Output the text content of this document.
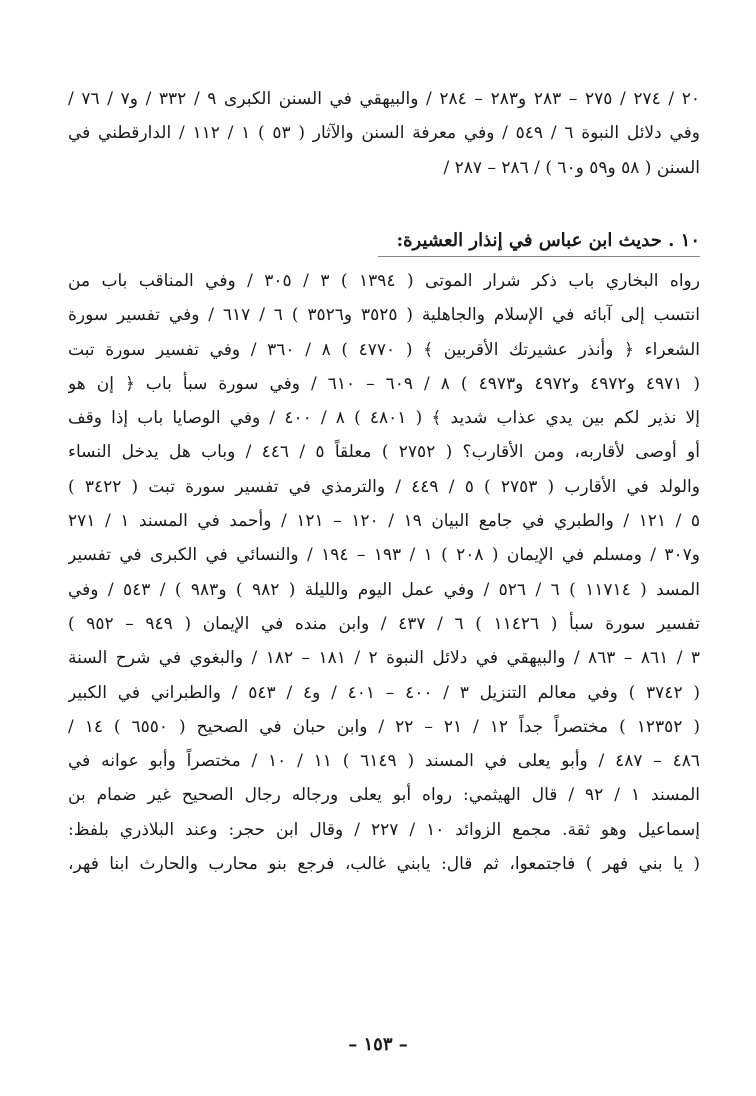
٢٠ / ٢٧٤ / ٢٧٥ – ٢٨٣ و٢٨٣ – ٢٨٤ / والبيهقي في السنن الكبرى ٩ / ٣٣٢ / و٧ / ٧٦ /
وفي دلائل النبوة ٦ / ٥٤٩ / وفي معرفة السنن والآثار ( ٥٣ ) ١ / ١١٢ / الدارقطني في
السنن ( ٥٨ و٥٩ و٦٠ ) / ٢٨٦ – ٢٨٧ /
١٠ . حديث ابن عباس في إنذار العشيرة:
رواه البخاري باب ذكر شرار الموتى ( ١٣٩٤ ) ٣ / ٣٠٥ / وفي المناقب باب من
انتسب إلى آبائه في الإسلام والجاهلية ( ٣٥٢٥ و٣٥٢٦ ) ٦ / ٦١٧ / وفي تفسير سورة
الشعراء ﴿ وأنذر عشيرتك الأقربين ﴾ ( ٤٧٧٠ ) ٨ / ٣٦٠ / وفي تفسير سورة تبت
( ٤٩٧١ و٤٩٧٢ و٤٩٧٢ و٤٩٧٣ ) ٨ / ٦٠٩ – ٦١٠ / وفي سورة سبأ باب ﴿ إن هو
إلا نذير لكم بين يدي عذاب شديد ﴾ ( ٤٨٠١ ) ٨ / ٤٠٠ / وفي الوصايا باب إذا وقف
أو أوصى لأقاربه، ومن الأقارب؟ ( ٢٧٥٢ ) معلقاً ٥ / ٤٤٦ / وباب هل يدخل النساء
والولد في الأقارب ( ٢٧٥٣ ) ٥ / ٤٤٩ / والترمذي في تفسير سورة تبت ( ٣٤٢٢ )
٥ / ١٢١ / والطبري في جامع البيان ١٩ / ١٢٠ – ١٢١ / وأحمد في المسند ١ / ٢٧١
و٣٠٧ / ومسلم في الإيمان ( ٢٠٨ ) ١ / ١٩٣ – ١٩٤ / والنسائي في الكبرى في تفسير
المسد ( ١١٧١٤ ) ٦ / ٥٢٦ / وفي عمل اليوم والليلة ( ٩٨٢ ) و٩٨٣ ) / ٥٤٣ / وفي
تفسير سورة سبأ ( ١١٤٢٦ ) ٦ / ٤٣٧ / وابن منده في الإيمان ( ٩٤٩ – ٩٥٢ )
٣ / ٨٦١ – ٨٦٣ / والبيهقي في دلائل النبوة ٢ / ١٨١ – ١٨٢ / والبغوي في شرح السنة
( ٣٧٤٢ ) وفي معالم التنزيل ٣ / ٤٠٠ – ٤٠١ / و٤ / ٥٤٣ / والطبراني في الكبير
( ١٢٣٥٢ ) مختصراً جداً ١٢ / ٢١ – ٢٢ / وابن حبان في الصحيح ( ٦٥٥٠ ) ١٤ /
٤٨٦ – ٤٨٧ / وأبو يعلى في المسند ( ٦١٤٩ ) ١١ / ١٠ / مختصراً وأبو عوانه في
المسند ١ / ٩٢ / قال الهيثمي: رواه أبو يعلى ورجاله رجال الصحيح غير ضمام بن
إسماعيل وهو ثقة. مجمع الزوائد ١٠ / ٢٢٧ / وقال ابن حجر: وعند البلاذري بلفظ:
( يا بني فهر ) فاجتمعوا، ثم قال: يابني غالب، فرجع بنو محارب والحارث ابنا فهر،
– ١٥٣ –
